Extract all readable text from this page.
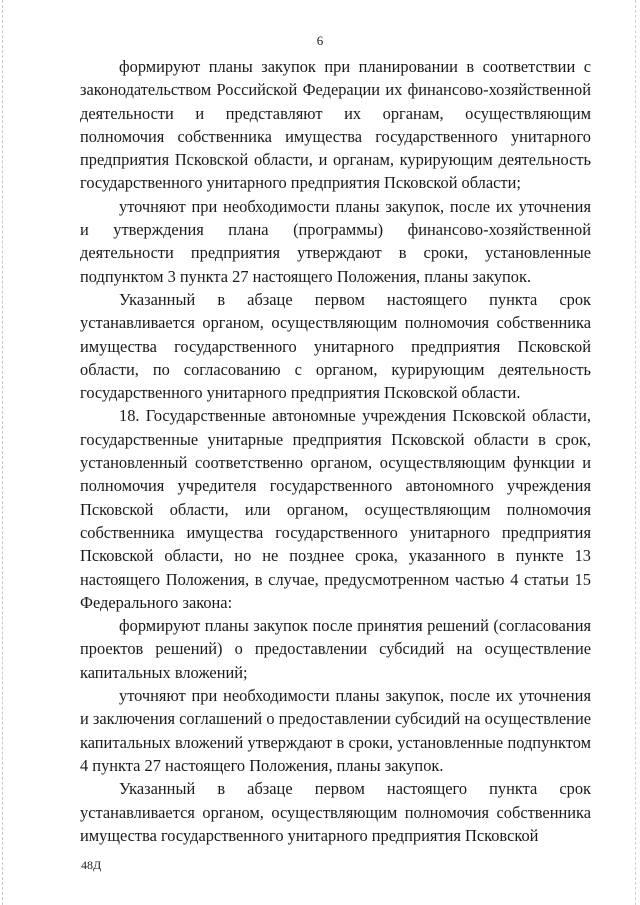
6

формируют планы закупок при планировании в соответствии с законодательством Российской Федерации их финансово-хозяйственной деятельности и представляют их органам, осуществляющим полномочия собственника имущества государственного унитарного предприятия Псковской области, и органам, курирующим деятельность государственного унитарного предприятия Псковской области;

уточняют при необходимости планы закупок, после их уточнения и утверждения плана (программы) финансово-хозяйственной деятельности предприятия утверждают в сроки, установленные подпунктом 3 пункта 27 настоящего Положения, планы закупок.

Указанный в абзаце первом настоящего пункта срок устанавливается органом, осуществляющим полномочия собственника имущества государственного унитарного предприятия Псковской области, по согласованию с органом, курирующим деятельность государственного унитарного предприятия Псковской области.

18. Государственные автономные учреждения Псковской области, государственные унитарные предприятия Псковской области в срок, установленный соответственно органом, осуществляющим функции и полномочия учредителя государственного автономного учреждения Псковской области, или органом, осуществляющим полномочия собственника имущества государственного унитарного предприятия Псковской области, но не позднее срока, указанного в пункте 13 настоящего Положения, в случае, предусмотренном частью 4 статьи 15 Федерального закона:

формируют планы закупок после принятия решений (согласования проектов решений) о предоставлении субсидий на осуществление капитальных вложений;

уточняют при необходимости планы закупок, после их уточнения и заключения соглашений о предоставлении субсидий на осуществление капитальных вложений утверждают в сроки, установленные подпунктом 4 пункта 27 настоящего Положения, планы закупок.

Указанный в абзаце первом настоящего пункта срок устанавливается органом, осуществляющим полномочия собственника имущества государственного унитарного предприятия Псковской

48Д
